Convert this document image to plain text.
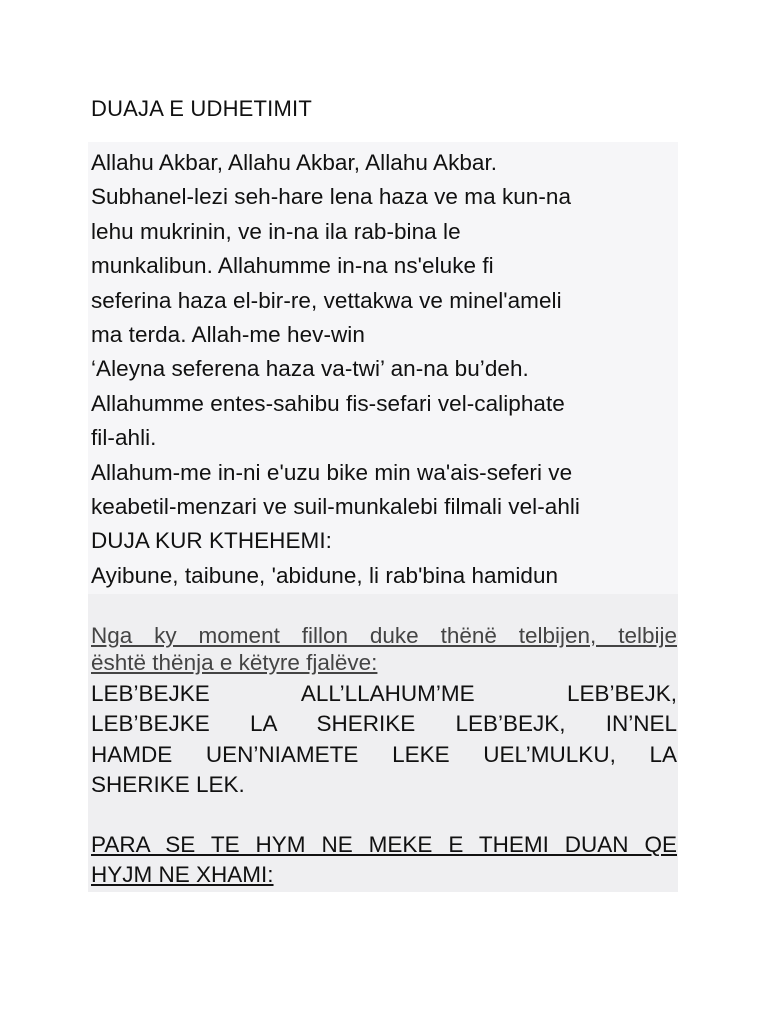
DUAJA E UDHETIMIT
Allahu Akbar, Allahu Akbar, Allahu Akbar.
Subhanel-lezi seh-hare lena haza ve ma kun-na
lehu mukrinin, ve in-na ila rab-bina le
munkalibun. Allahumme in-na ns'eluke fi
seferina haza el-bir-re, vettakwa ve minel'ameli
ma terda. Allah-me hev-win
‘Aleyna seferena haza va-twi’ an-na bu’deh.
Allahumme entes-sahibu fis-sefari vel-caliphate
fil-ahli.
Allahum-me in-ni e'uzu bike min wa'ais-seferi ve
keabetil-menzari ve suil-munkalebi filmali vel-ahli
DUJA KUR KTHEHEMI:
Ayibune, taibune, 'abidune, li rab'bina hamidun
Nga ky moment fillon duke thënë telbijen, telbije
është thënja e këtyre fjalëve:
LEB’BEJKE ALL’LLAHUM’ME LEB’BEJK,
LEB’BEJKE LA SHERIKE LEB’BEJK, IN’NEL
HAMDE UEN’NIAMETE LEKE UEL’MULKU, LA
SHERIKE LEK.
PARA SE TE HYM NE MEKE E THEMI DUAN QE
HYJM NE XHAMI:
